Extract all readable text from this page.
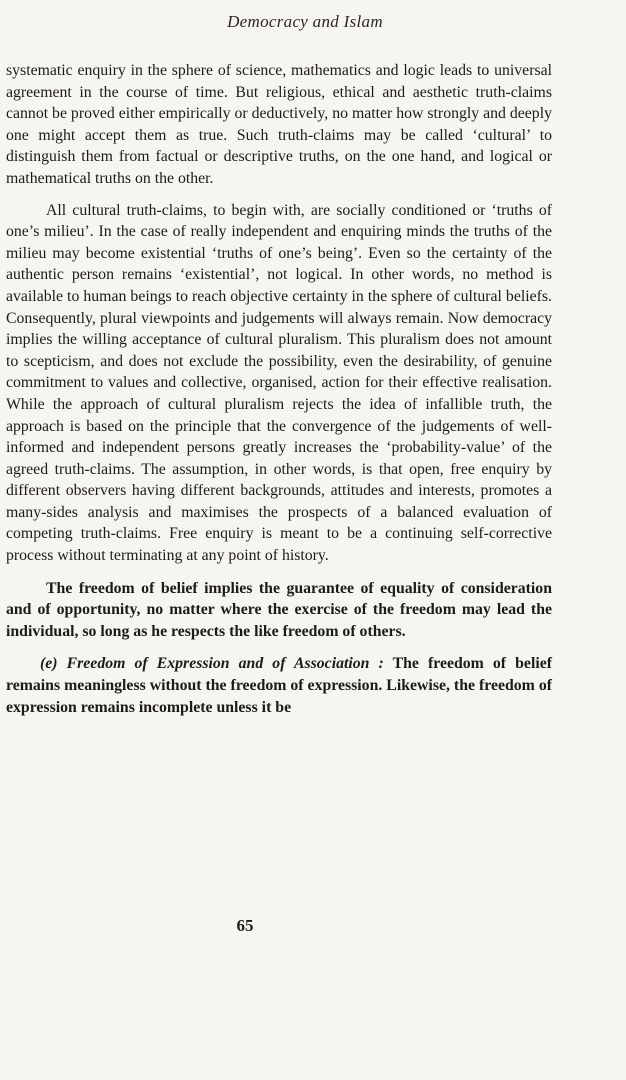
Democracy and Islam

systematic enquiry in the sphere of science, mathematics and logic leads to universal agreement in the course of time. But religious, ethical and aesthetic truth-claims cannot be proved either empirically or deductively, no matter how strongly and deeply one might accept them as true. Such truth-claims may be called ‘cultural’ to distinguish them from factual or descriptive truths, on the one hand, and logical or mathematical truths on the other.

All cultural truth-claims, to begin with, are socially conditioned or ‘truths of one’s milieu’. In the case of really independent and enquiring minds the truths of the milieu may become existential ‘truths of one’s being’. Even so the certainty of the authentic person remains ‘existential’, not logical. In other words, no method is available to human beings to reach objective certainty in the sphere of cultural beliefs. Consequently, plural viewpoints and judgements will always remain. Now democracy implies the willing acceptance of cultural pluralism. This pluralism does not amount to scepticism, and does not exclude the possibility, even the desirability, of genuine commitment to values and collective, organised, action for their effective realisation. While the approach of cultural pluralism rejects the idea of infallible truth, the approach is based on the principle that the convergence of the judgements of well-informed and independent persons greatly increases the ‘probability-value’ of the agreed truth-claims. The assumption, in other words, is that open, free enquiry by different observers having different backgrounds, attitudes and interests, promotes a many-sides analysis and maximises the prospects of a balanced evaluation of competing truth-claims. Free enquiry is meant to be a continuing self-corrective process without terminating at any point of history.

The freedom of belief implies the guarantee of equality of consideration and of opportunity, no matter where the exercise of the freedom may lead the individual, so long as he respects the like freedom of others.

(e) Freedom of Expression and of Association : The freedom of belief remains meaningless without the freedom of expression. Likewise, the freedom of expression remains incomplete unless it be

65
